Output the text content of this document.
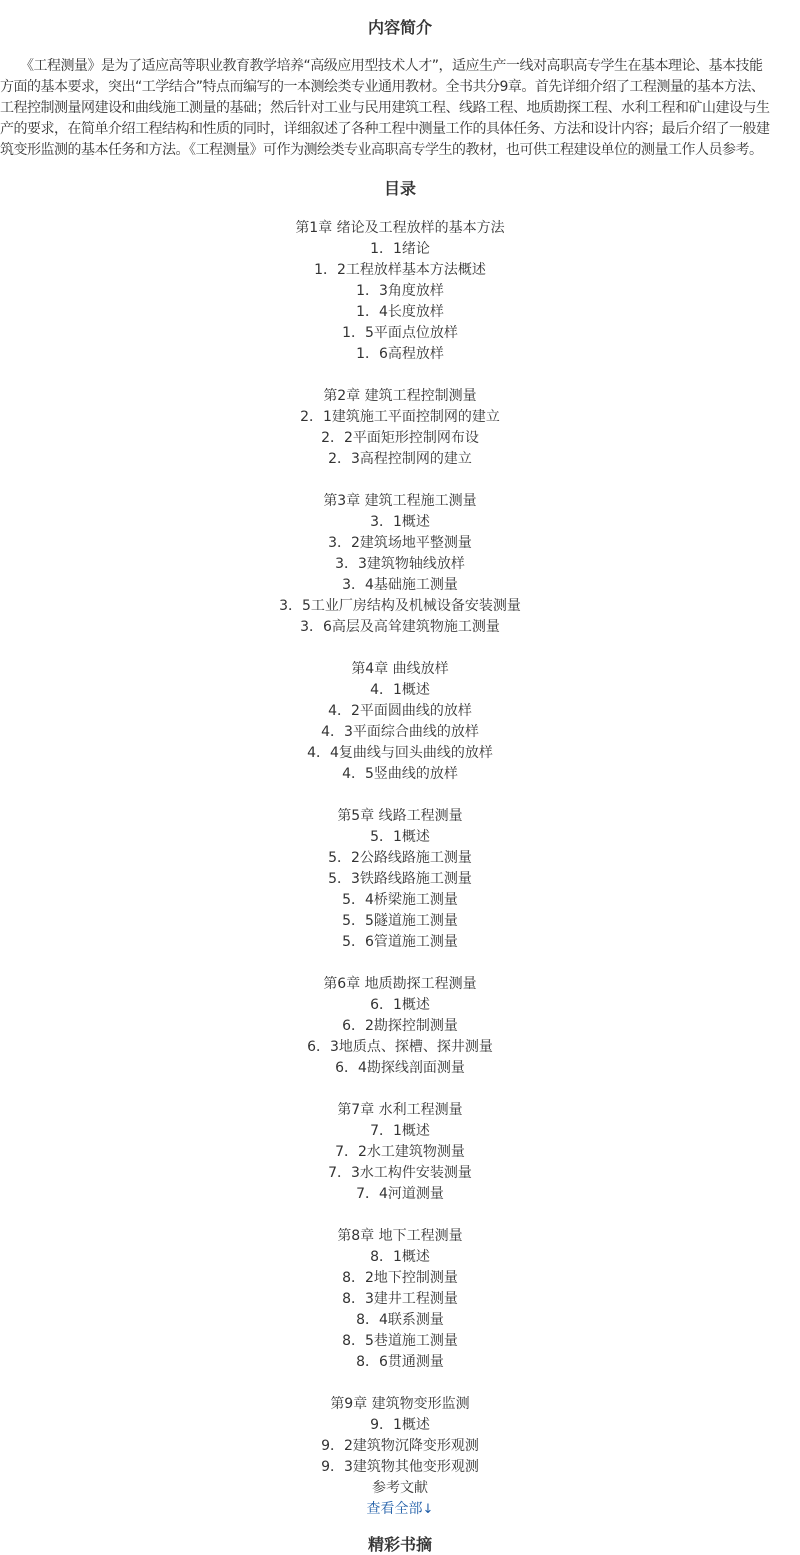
内容简介
　　《工程测量》是为了适应高等职业教育教学培养“高级应用型技术人才”，适应生产一线对高职高专学生在基本理论、基本技能
方面的基本要求，突出“工学结合”特点而编写的一本测绘类专业通用教材。全书共分9章。首先详细介绍了工程测量的基本方法、
工程控制测量网建设和曲线施工测量的基础；然后针对工业与民用建筑工程、线路工程、地质勘探工程、水利工程和矿山建设与生
产的要求，在简单介绍工程结构和性质的同时，详细叙述了各种工程中测量工作的具体任务、方法和设计内容；最后介绍了一般建
筑变形监测的基本任务和方法。《工程测量》可作为测绘类专业高职高专学生的教材，也可供工程建设单位的测量工作人员参考。
目录
第1章 绪论及工程放样的基本方法
1．1绪论
1．2工程放样基本方法概述
1．3角度放样
1．4长度放样
1．5平面点位放样
1．6高程放样
第2章 建筑工程控制测量
2．1建筑施工平面控制网的建立
2．2平面矩形控制网布设
2．3高程控制网的建立
第3章 建筑工程施工测量
3．1概述
3．2建筑场地平整测量
3．3建筑物轴线放样
3．4基础施工测量
3．5工业厂房结构及机械设备安装测量
3．6高层及高耸建筑物施工测量
第4章 曲线放样
4．1概述
4．2平面圆曲线的放样
4．3平面综合曲线的放样
4．4复曲线与回头曲线的放样
4．5竖曲线的放样
第5章 线路工程测量
5．1概述
5．2公路线路施工测量
5．3铁路线路施工测量
5．4桥梁施工测量
5．5隧道施工测量
5．6管道施工测量
第6章 地质勘探工程测量
6．1概述
6．2勘探控制测量
6．3地质点、探槽、探井测量
6．4勘探线剖面测量
第7章 水利工程测量
7．1概述
7．2水工建筑物测量
7．3水工构件安装测量
7．4河道测量
第8章 地下工程测量
8．1概述
8．2地下控制测量
8．3建井工程测量
8．4联系测量
8．5巷道施工测量
8．6贯通测量
第9章 建筑物变形监测
9．1概述
9．2建筑物沉降变形观测
9．3建筑物其他变形观测
参考文献
查看全部↓
精彩书摘
